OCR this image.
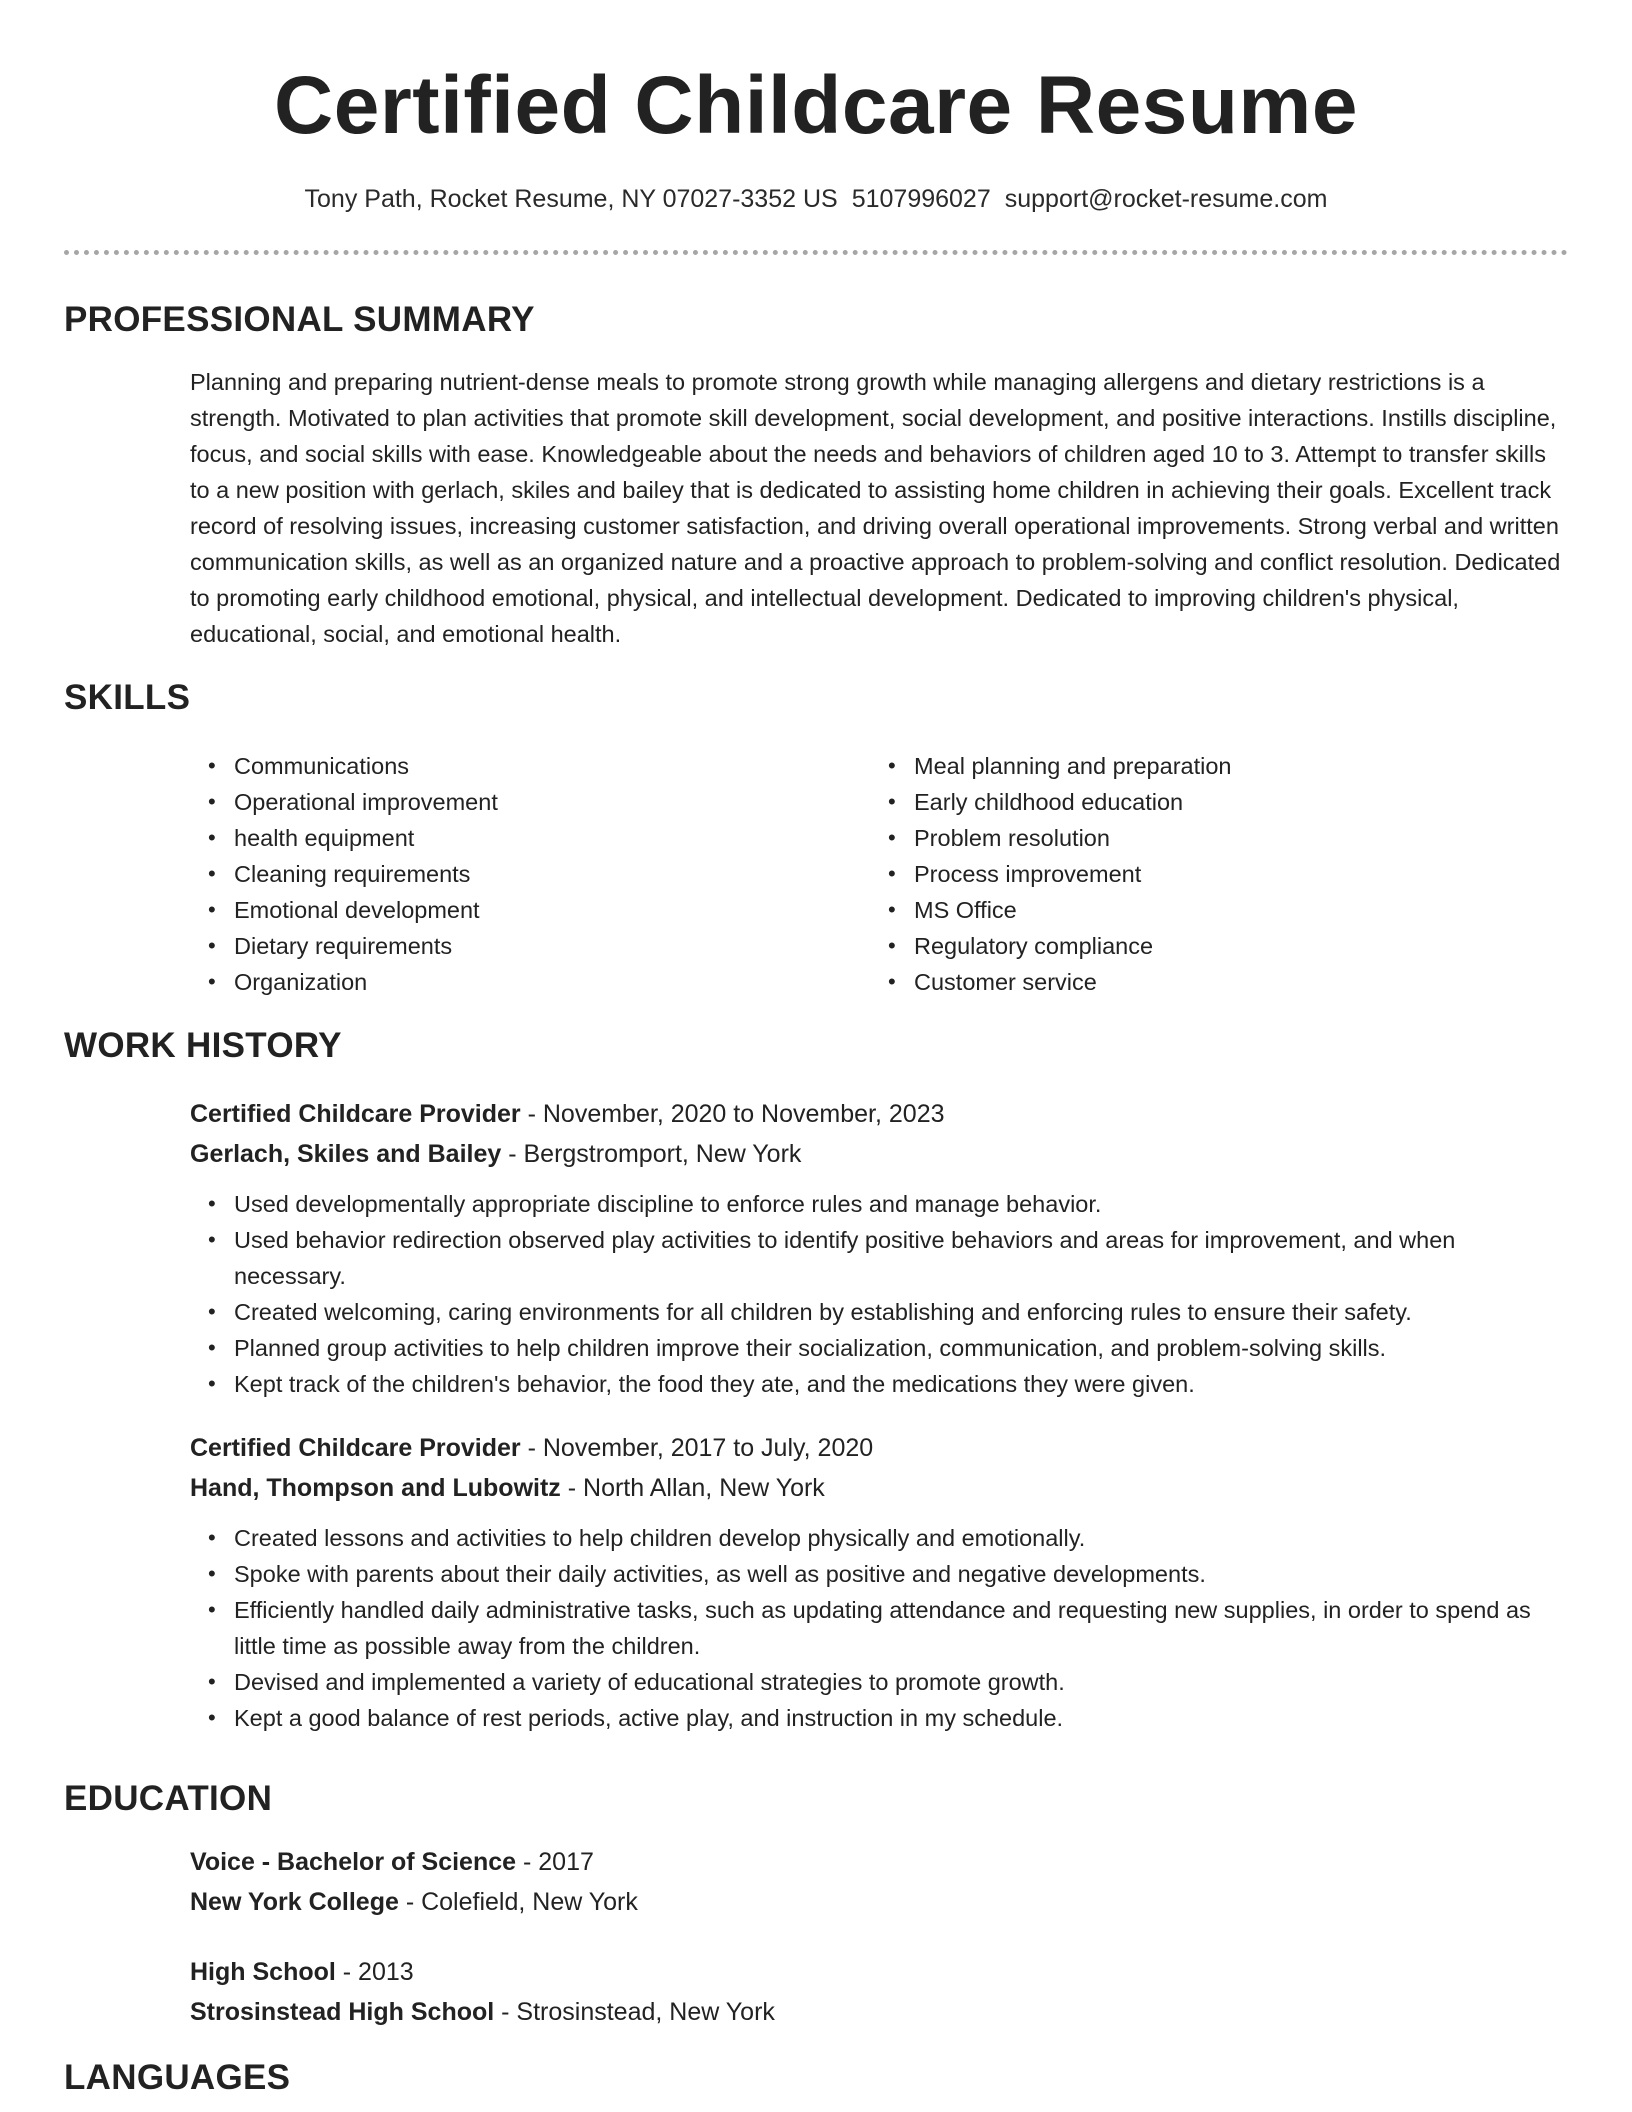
Certified Childcare Resume
Tony Path, Rocket Resume, NY 07027-3352 US 5107996027 support@rocket-resume.com
PROFESSIONAL SUMMARY

Planning and preparing nutrient-dense meals to promote strong growth while managing allergens and dietary restrictions is a strength. Motivated to plan activities that promote skill development, social development, and positive interactions. Instills discipline, focus, and social skills with ease. Knowledgeable about the needs and behaviors of children aged 10 to 3. Attempt to transfer skills to a new position with gerlach, skiles and bailey that is dedicated to assisting home children in achieving their goals. Excellent track record of resolving issues, increasing customer satisfaction, and driving overall operational improvements. Strong verbal and written communication skills, as well as an organized nature and a proactive approach to problem-solving and conflict resolution. Dedicated to promoting early childhood emotional, physical, and intellectual development. Dedicated to improving children's physical, educational, social, and emotional health.

SKILLS
• Communications
• Operational improvement
• health equipment
• Cleaning requirements
• Emotional development
• Dietary requirements
• Organization
• Meal planning and preparation
• Early childhood education
• Problem resolution
• Process improvement
• MS Office
• Regulatory compliance
• Customer service
WORK HISTORY
Certified Childcare Provider - November, 2020 to November, 2023
Gerlach, Skiles and Bailey - Bergstromport, New York
• Used developmentally appropriate discipline to enforce rules and manage behavior.
• Used behavior redirection observed play activities to identify positive behaviors and areas for improvement, and when necessary.
• Created welcoming, caring environments for all children by establishing and enforcing rules to ensure their safety.
• Planned group activities to help children improve their socialization, communication, and problem-solving skills.
• Kept track of the children's behavior, the food they ate, and the medications they were given.
Certified Childcare Provider - November, 2017 to July, 2020
Hand, Thompson and Lubowitz - North Allan, New York
• Created lessons and activities to help children develop physically and emotionally.
• Spoke with parents about their daily activities, as well as positive and negative developments.
• Efficiently handled daily administrative tasks, such as updating attendance and requesting new supplies, in order to spend as little time as possible away from the children.
• Devised and implemented a variety of educational strategies to promote growth.
• Kept a good balance of rest periods, active play, and instruction in my schedule.
EDUCATION
Voice - Bachelor of Science - 2017
New York College - Colefield, New York
High School - 2013
Strosinstead High School - Strosinstead, New York
LANGUAGES
